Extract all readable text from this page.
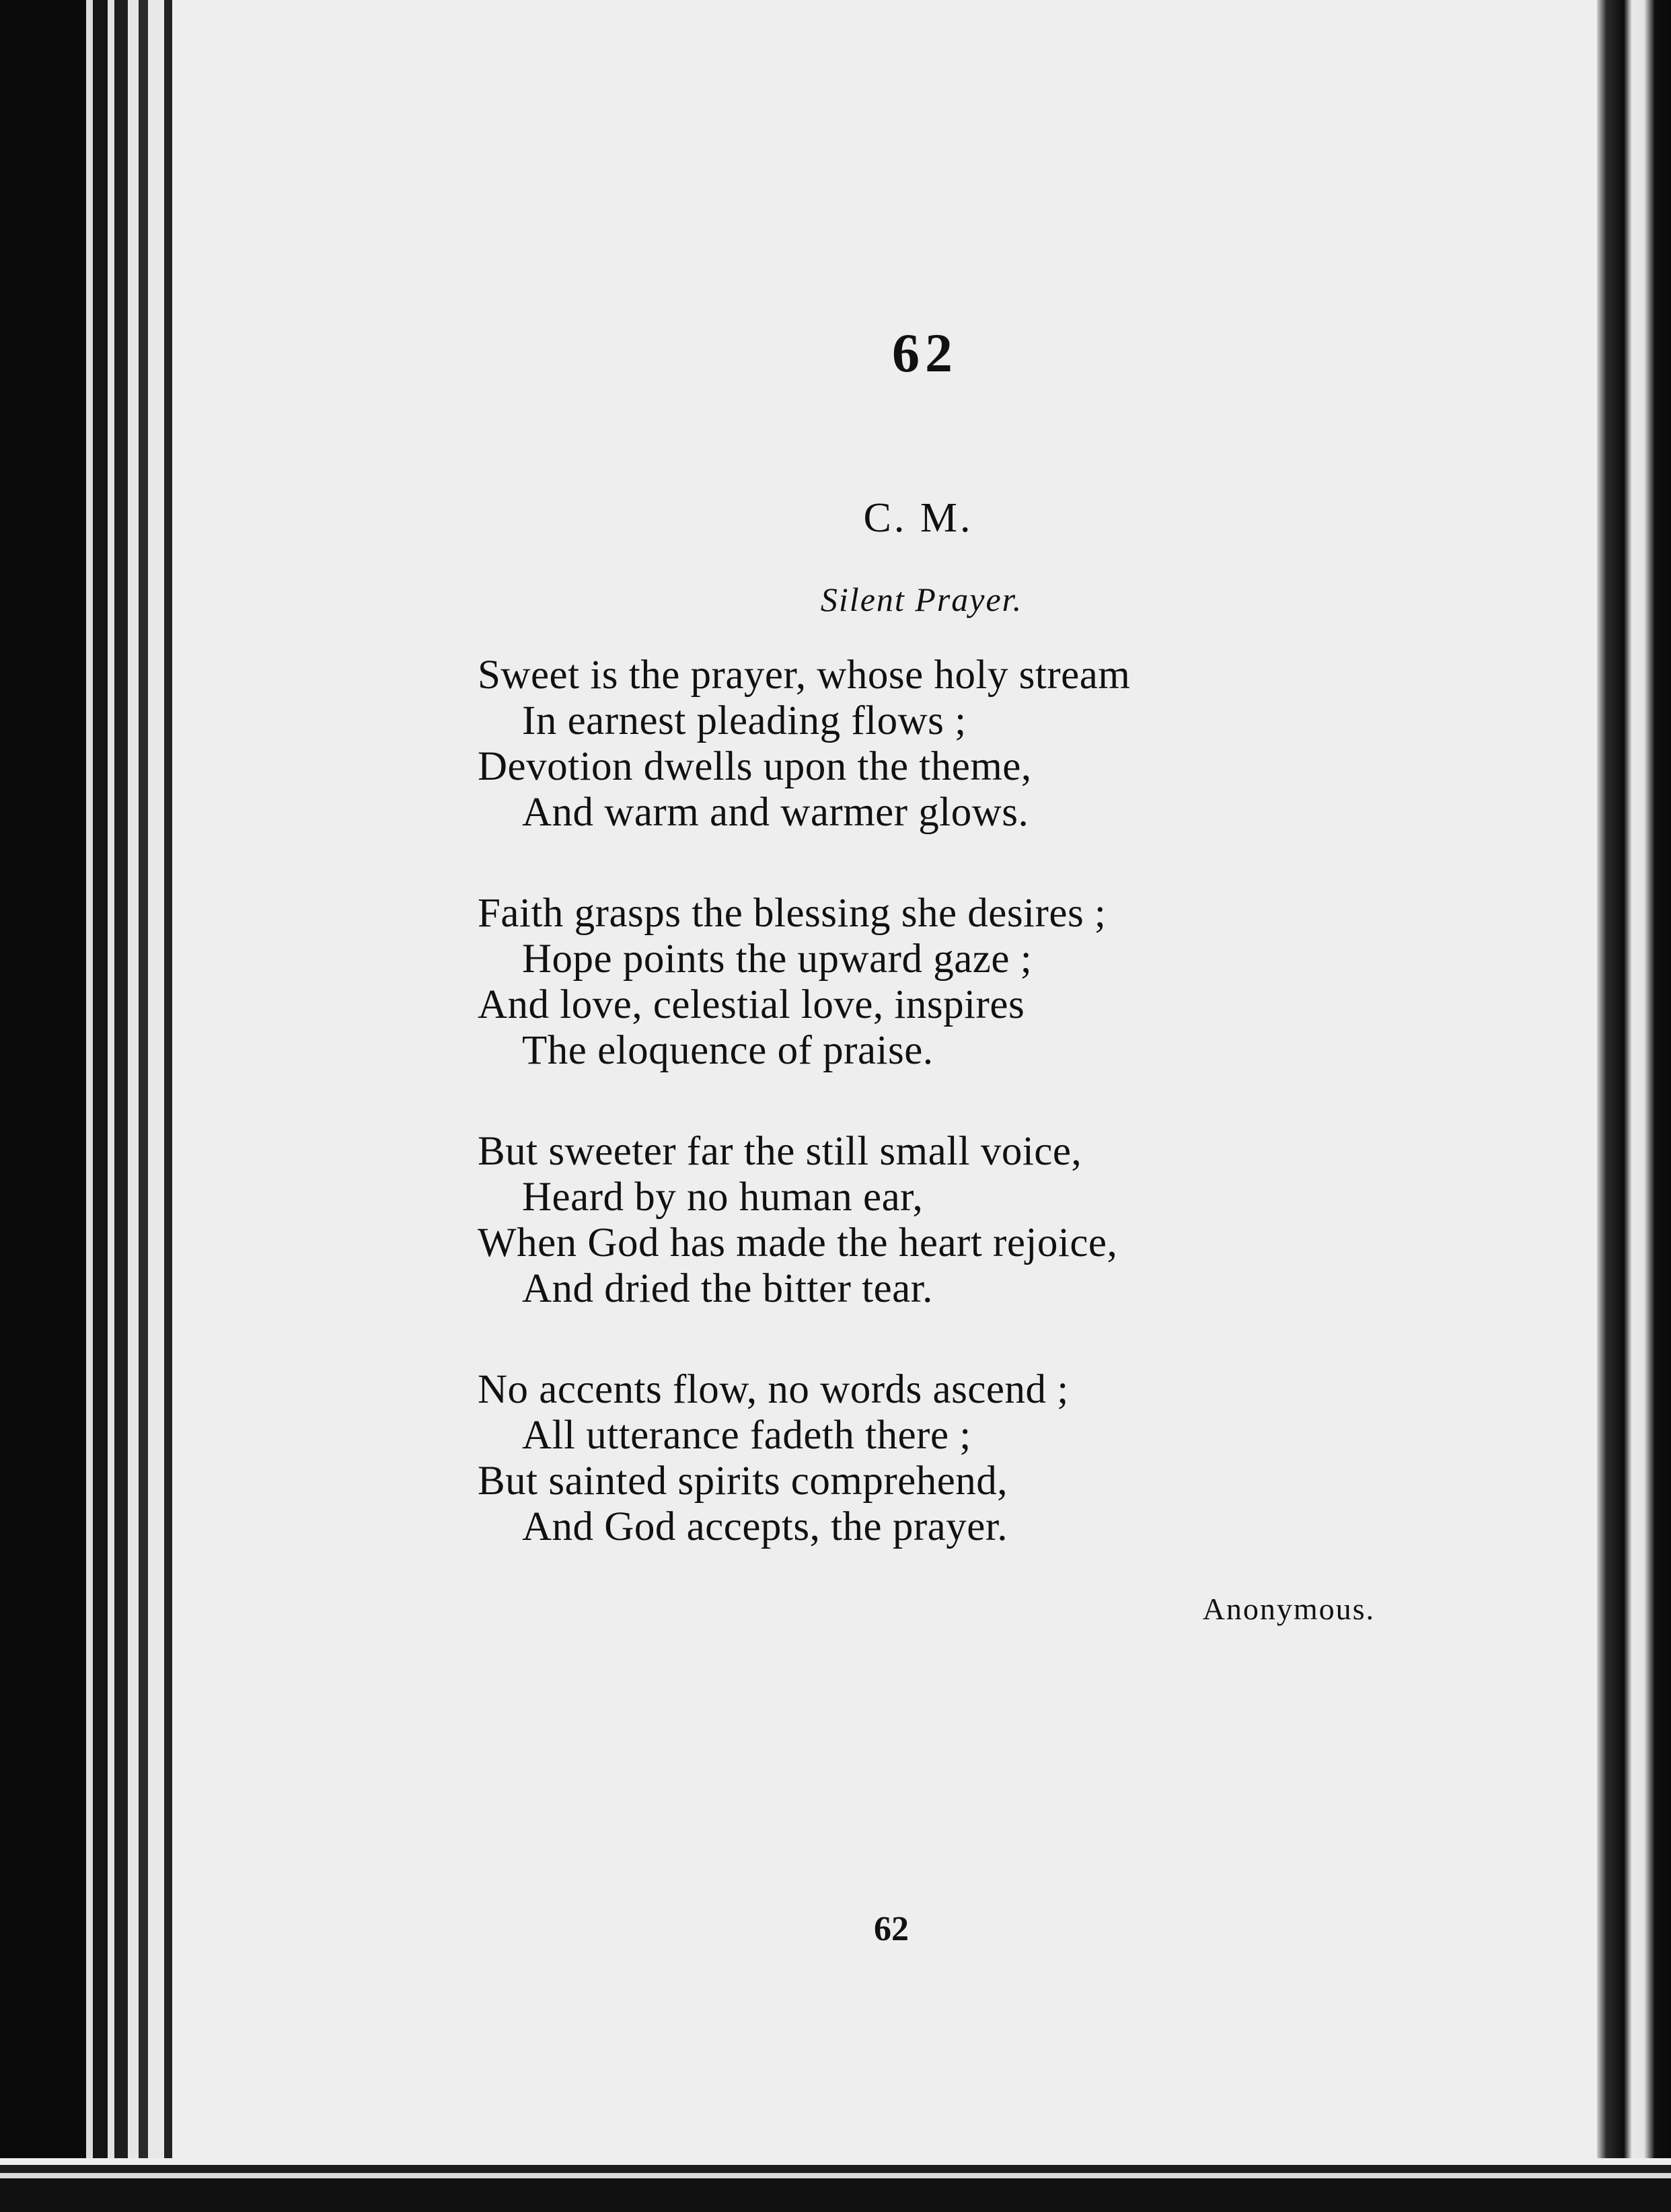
62
C. M.
Silent Prayer.
Sweet is the prayer, whose holy stream
In earnest pleading flows ;
Devotion dwells upon the theme,
And warm and warmer glows.
Faith grasps the blessing she desires ;
Hope points the upward gaze ;
And love, celestial love, inspires
The eloquence of praise.
But sweeter far the still small voice,
Heard by no human ear,
When God has made the heart rejoice,
And dried the bitter tear.
No accents flow, no words ascend ;
All utterance fadeth there ;
But sainted spirits comprehend,
And God accepts, the prayer.
Anonymous.
62
